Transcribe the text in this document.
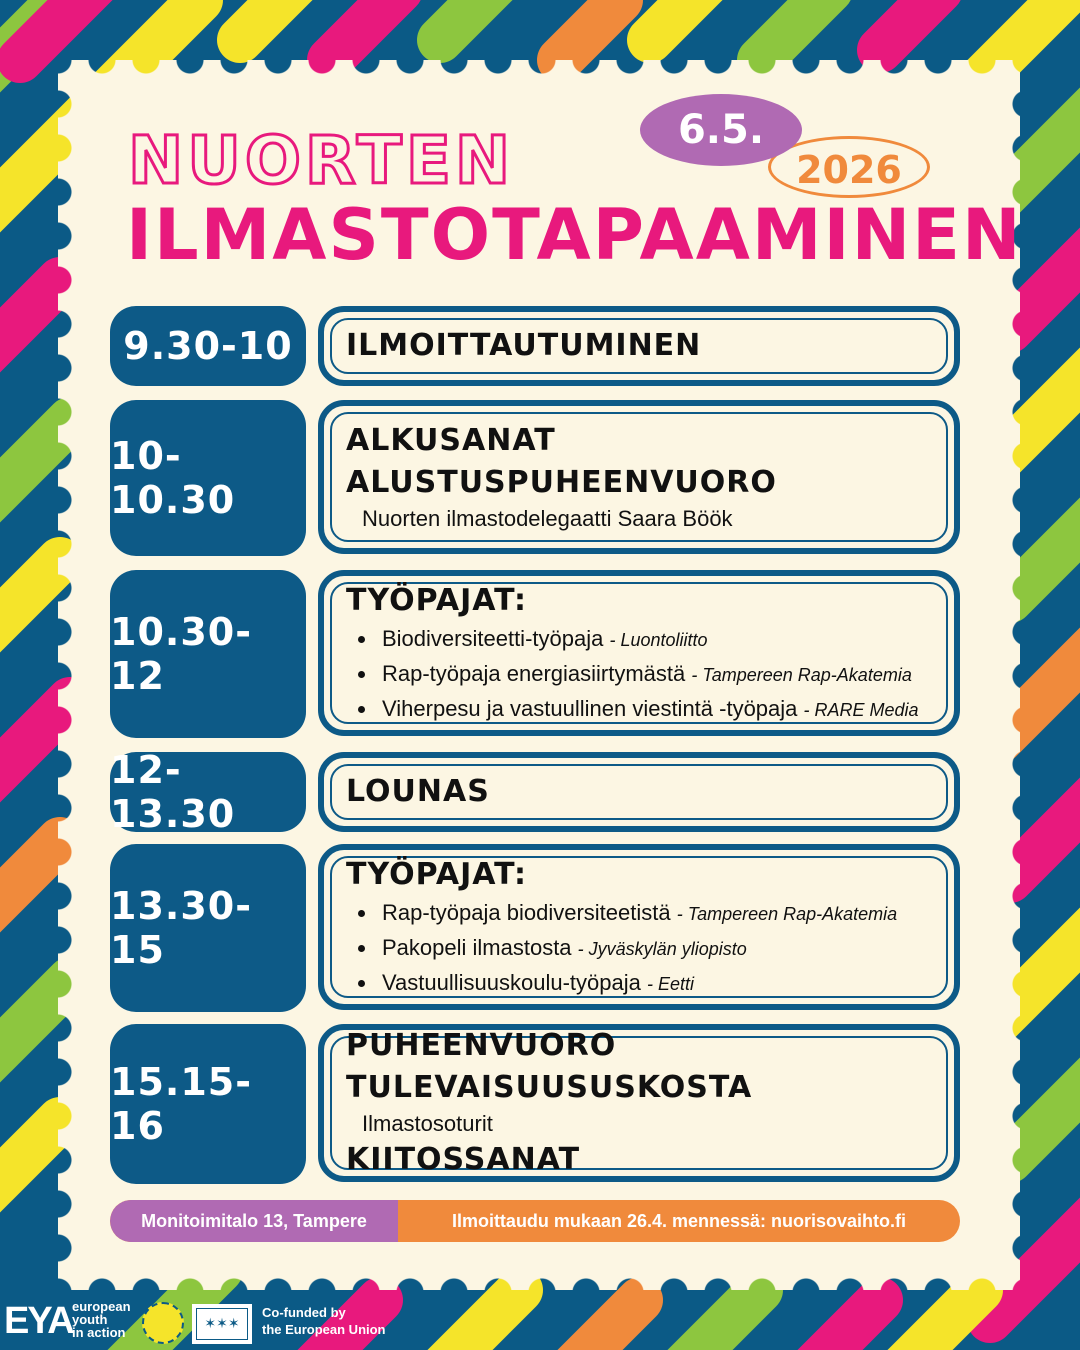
NUORTEN
ILMASTOTAPAAMINEN
2026
6.5.
9.30-10	ILMOITTAUTUMINEN
10-10.30
ALKUSANAT
ALUSTUSPUHEENVUORO
Nuorten ilmastodelegaatti Saara Böök
10.30-12
TYÖPAJAT:
• Biodiversiteetti-työpaja - Luontoliitto
• Rap-työpaja energiasiirtymästä - Tampereen Rap-Akatemia
• Viherpesu ja vastuullinen viestintä -työpaja - RARE Media
12-13.30
LOUNAS
13.30-15
TYÖPAJAT:
• Rap-työpaja biodiversiteetistä - Tampereen Rap-Akatemia
• Pakopeli ilmastosta - Jyväskylän yliopisto
• Vastuullisuuskoulu-työpaja - Eetti
15.15-16
PUHEENVUORO TULEVAISUUSUSKOSTA
Ilmastosoturit
KIITOSSANAT
Monitoimitalo 13, Tampere	Ilmoittaudu mukaan 26.4. mennessä: nuorisovaihto.fi
EYA european
youth
in action
✶✶✶
Co-funded by
the European Union
